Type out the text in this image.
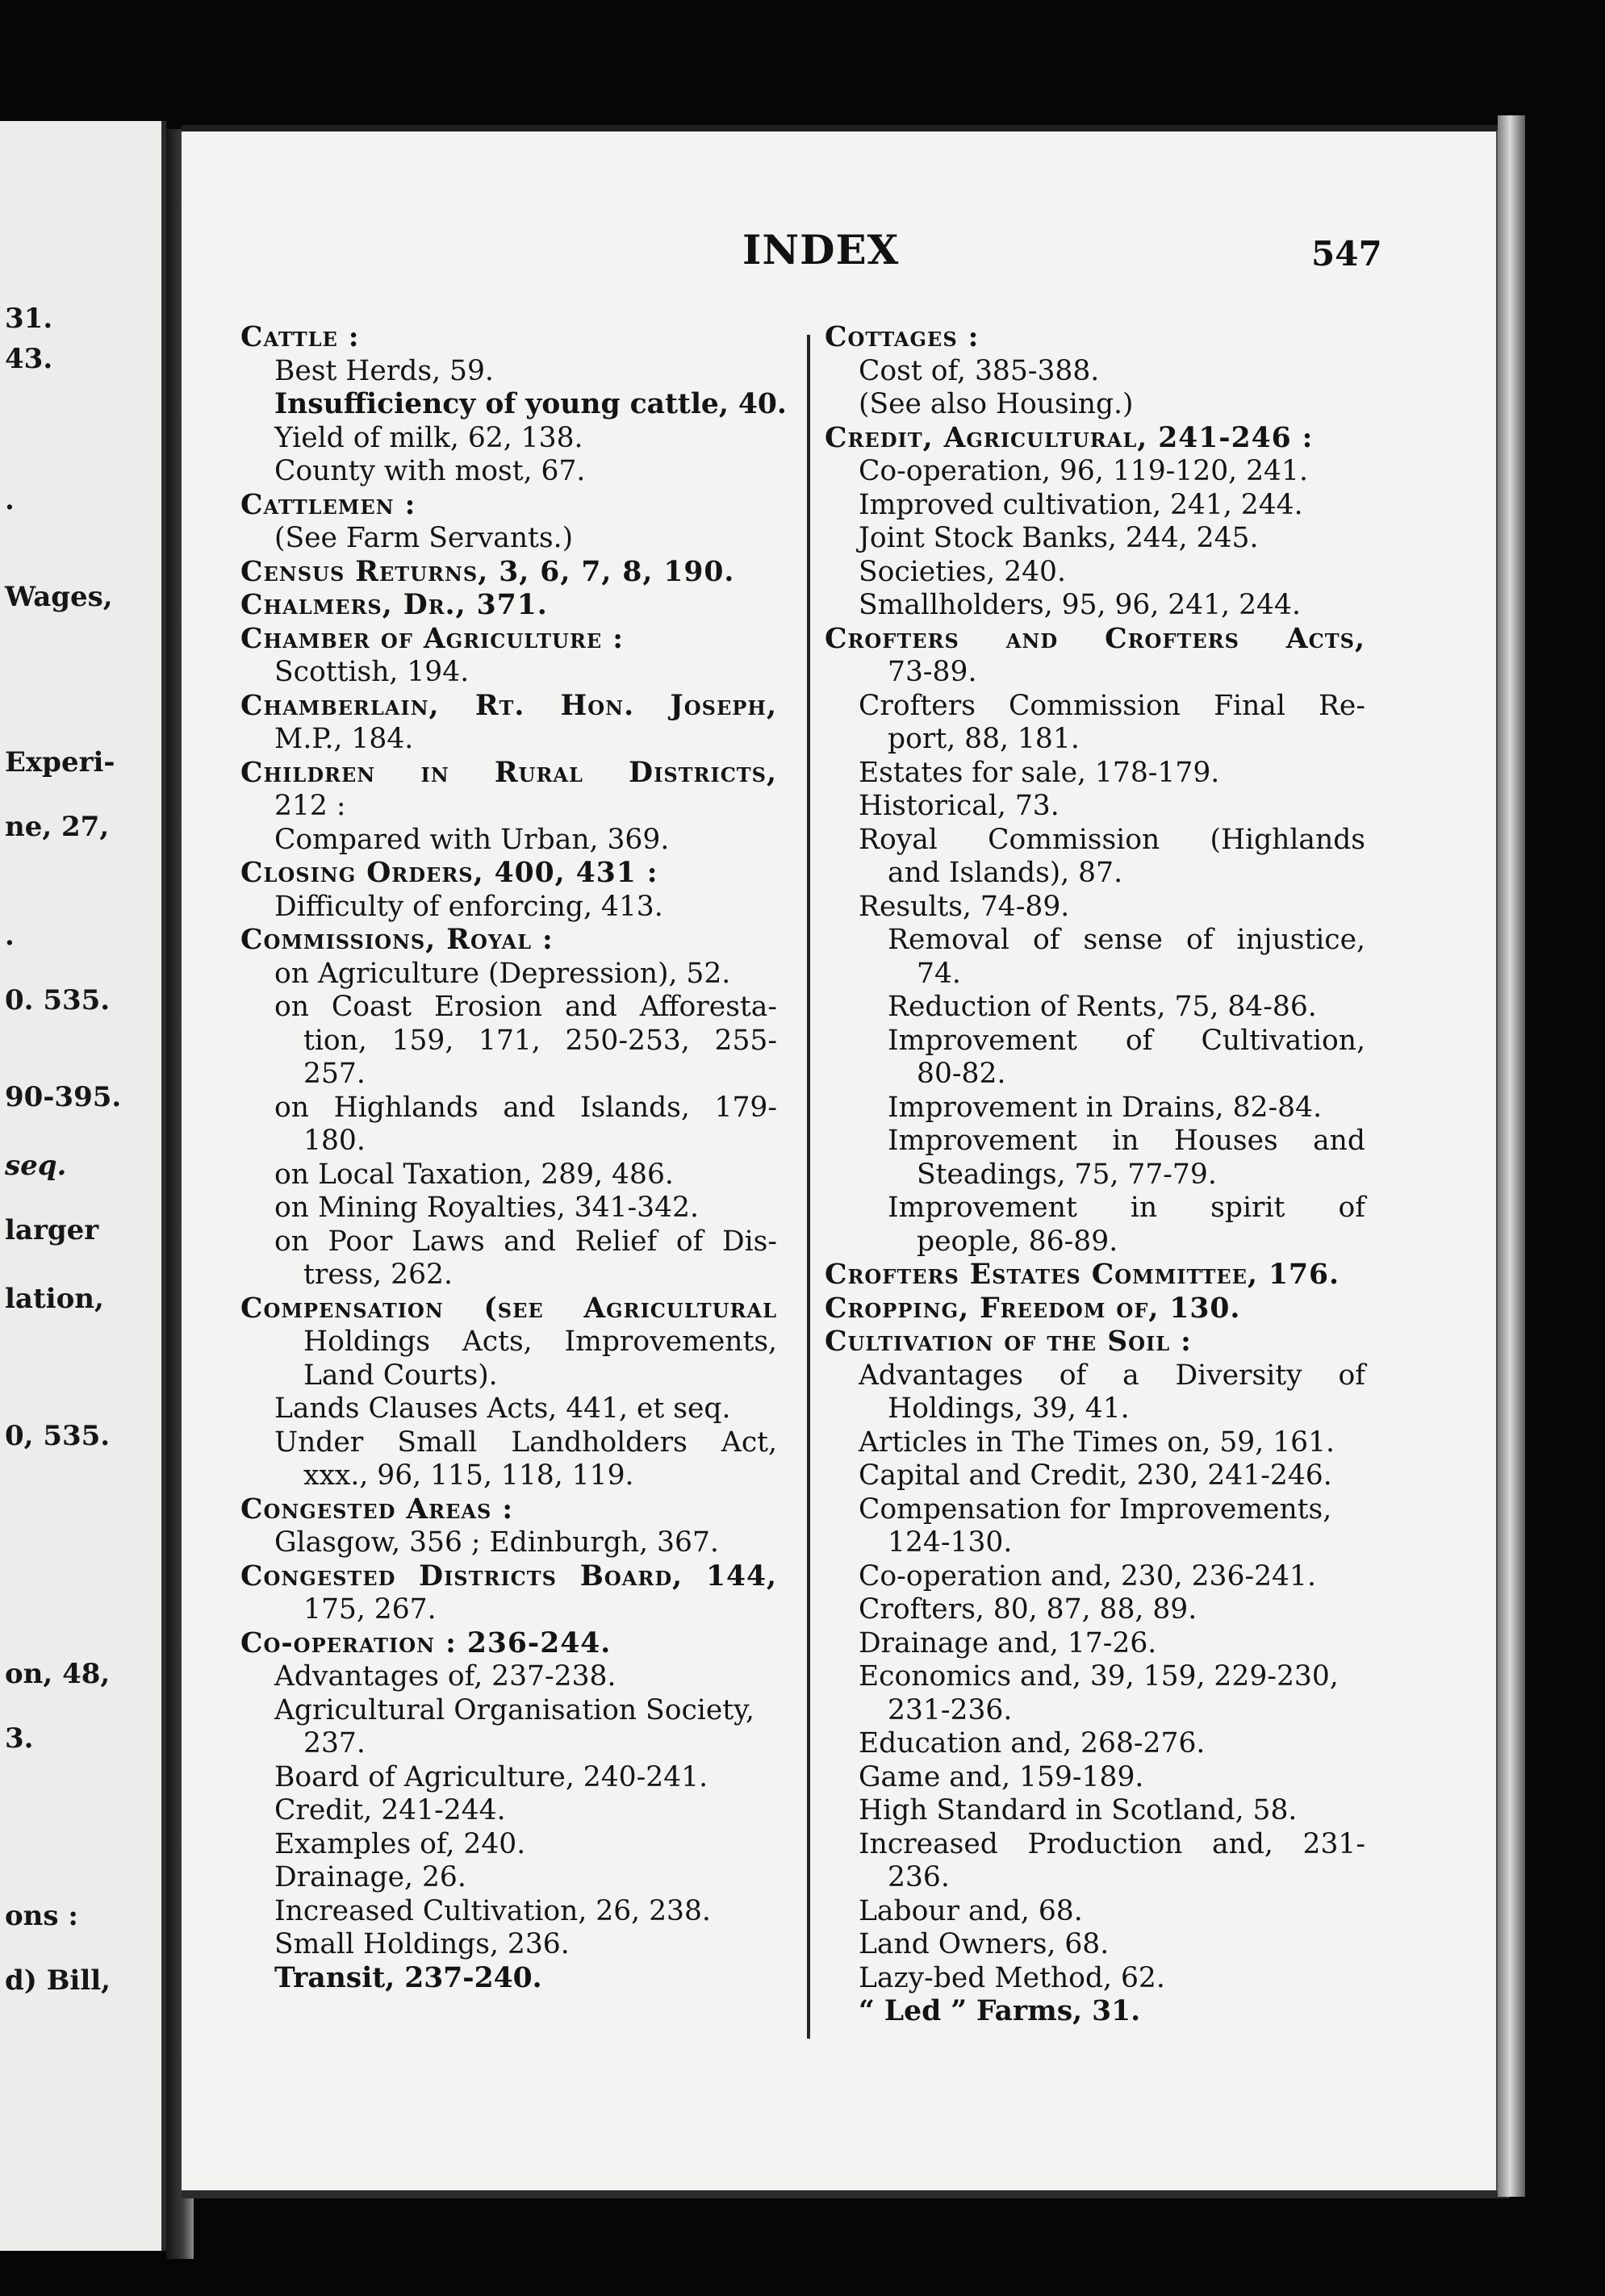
31.
43.
.
Wages,
Experi-
ne, 27,
.
0. 535.
90-395.
seq.
larger
lation,
0, 535.
on, 48,
3.
ons :
d) Bill,
INDEX	547
Cattle :
Best Herds, 59.
Insufficiency of young cattle, 40.
Yield of milk, 62, 138.
County with most, 67.
Cattlemen :
(See Farm Servants.)
Census Returns, 3, 6, 7, 8, 190.
Chalmers, Dr., 371.
Chamber of Agriculture :
Scottish, 194.
Chamberlain, Rt. Hon. Joseph,
M.P., 184.
Children in Rural Districts,
212 :
Compared with Urban, 369.
Closing Orders, 400, 431 :
Difficulty of enforcing, 413.
Commissions, Royal :
on Agriculture (Depression), 52.
on Coast Erosion and Afforesta-
tion, 159, 171, 250-253, 255-
257.
on Highlands and Islands, 179-
180.
on Local Taxation, 289, 486.
on Mining Royalties, 341-342.
on Poor Laws and Relief of Dis-
tress, 262.
Compensation (see Agricultural
Holdings Acts, Improvements,
Land Courts).
Lands Clauses Acts, 441, et seq.
Under Small Landholders Act,
xxx., 96, 115, 118, 119.
Congested Areas :
Glasgow, 356 ; Edinburgh, 367.
Congested Districts Board, 144,
175, 267.
Co-operation : 236-244.
Advantages of, 237-238.
Agricultural Organisation Society,
237.
Board of Agriculture, 240-241.
Credit, 241-244.
Examples of, 240.
Drainage, 26.
Increased Cultivation, 26, 238.
Small Holdings, 236.
Transit, 237-240.
Cottages :
Cost of, 385-388.
(See also Housing.)
Credit, Agricultural, 241-246 :
Co-operation, 96, 119-120, 241.
Improved cultivation, 241, 244.
Joint Stock Banks, 244, 245.
Societies, 240.
Smallholders, 95, 96, 241, 244.
Crofters and Crofters Acts,
73-89.
Crofters Commission Final Re-
port, 88, 181.
Estates for sale, 178-179.
Historical, 73.
Royal Commission (Highlands
and Islands), 87.
Results, 74-89.
Removal of sense of injustice,
74.
Reduction of Rents, 75, 84-86.
Improvement of Cultivation,
80-82.
Improvement in Drains, 82-84.
Improvement in Houses and
Steadings, 75, 77-79.
Improvement in spirit of
people, 86-89.
Crofters Estates Committee, 176.
Cropping, Freedom of, 130.
Cultivation of the Soil :
Advantages of a Diversity of
Holdings, 39, 41.
Articles in The Times on, 59, 161.
Capital and Credit, 230, 241-246.
Compensation for Improvements,
124-130.
Co-operation and, 230, 236-241.
Crofters, 80, 87, 88, 89.
Drainage and, 17-26.
Economics and, 39, 159, 229-230,
231-236.
Education and, 268-276.
Game and, 159-189.
High Standard in Scotland, 58.
Increased Production and, 231-
236.
Labour and, 68.
Land Owners, 68.
Lazy-bed Method, 62.
“ Led ” Farms, 31.
